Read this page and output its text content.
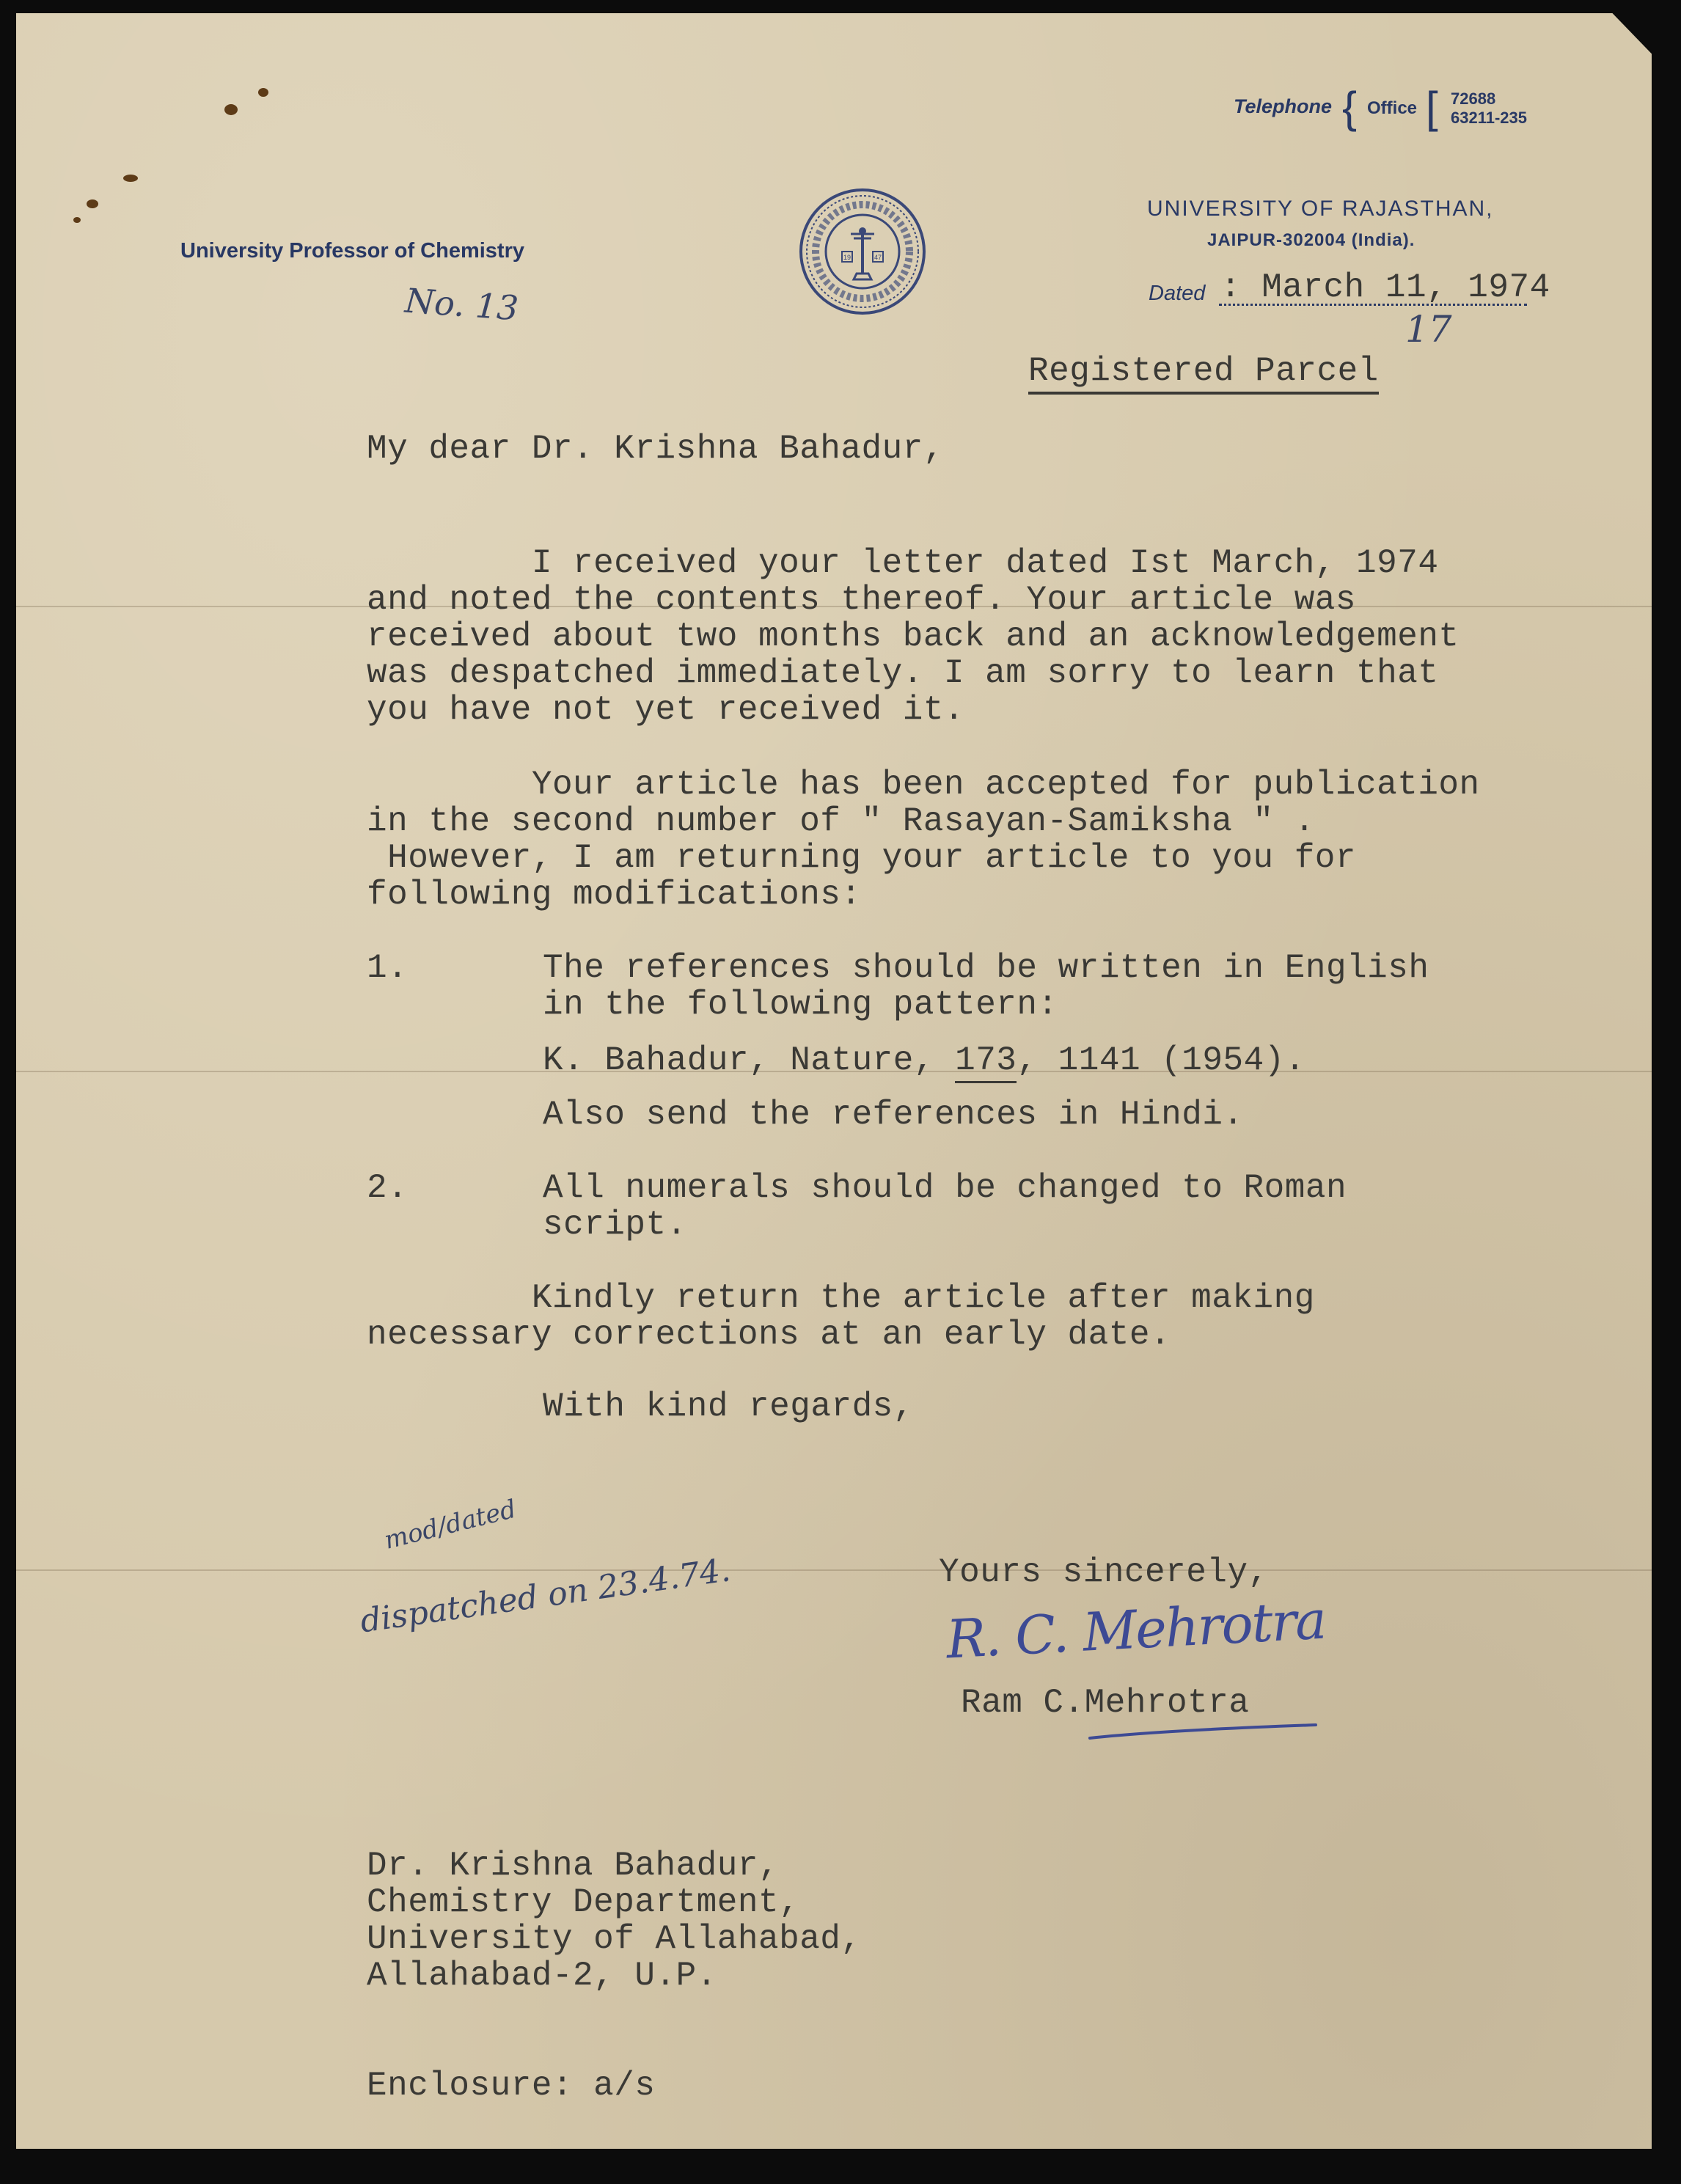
Telephone { Office [ 72688
63211-235
University Professor of Chemistry
UNIVERSITY OF RAJASTHAN,
JAIPUR-302004 (India).
19	47
No. 13	Dated : March 11, 1974
17
Registered Parcel
My dear Dr. Krishna Bahadur,
I received your letter dated Ist March, 1974
and noted the contents thereof. Your article was
received about two months back and an acknowledgement
was despatched immediately. I am sorry to learn that
you have not yet received it.
Your article has been accepted for publication
in the second number of " Rasayan-Samiksha " .
However, I am returning your article to you for
following modifications:
1.	The references should be written in English
in the following pattern:
K. Bahadur, Nature, 173, 1141 (1954).
Also send the references in Hindi.
2.	All numerals should be changed to Roman
script.
Kindly return the article after making
necessary corrections at an early date.
With kind regards,
mod/dated
dispatched on 23.4.74.	Yours sincerely,
R. C. Mehrotra
Ram C.Mehrotra
Dr. Krishna Bahadur,
Chemistry Department,
University of Allahabad,
Allahabad-2, U.P.
Enclosure: a/s
